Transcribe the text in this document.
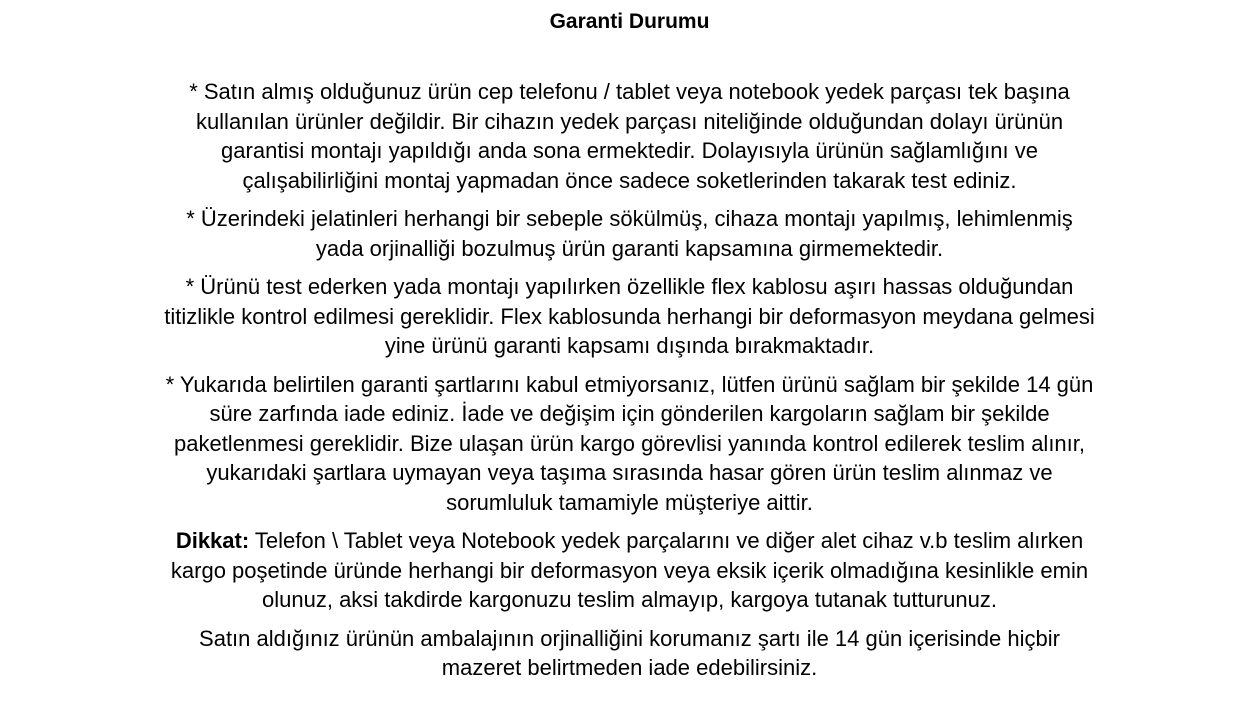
Garanti Durumu

* Satın almış olduğunuz ürün cep telefonu / tablet veya notebook yedek parçası tek başına
kullanılan ürünler değildir. Bir cihazın yedek parçası niteliğinde olduğundan dolayı ürünün
garantisi montajı yapıldığı anda sona ermektedir. Dolayısıyla ürünün sağlamlığını ve
çalışabilirliğini montaj yapmadan önce sadece soketlerinden takarak test ediniz.

* Üzerindeki jelatinleri herhangi bir sebeple sökülmüş, cihaza montajı yapılmış, lehimlenmiş
yada orjinalliği bozulmuş ürün garanti kapsamına girmemektedir.

* Ürünü test ederken yada montajı yapılırken özellikle flex kablosu aşırı hassas olduğundan
titizlikle kontrol edilmesi gereklidir. Flex kablosunda herhangi bir deformasyon meydana gelmesi
yine ürünü garanti kapsamı dışında bırakmaktadır.

* Yukarıda belirtilen garanti şartlarını kabul etmiyorsanız, lütfen ürünü sağlam bir şekilde 14 gün
süre zarfında iade ediniz. İade ve değişim için gönderilen kargoların sağlam bir şekilde
paketlenmesi gereklidir. Bize ulaşan ürün kargo görevlisi yanında kontrol edilerek teslim alınır,
yukarıdaki şartlara uymayan veya taşıma sırasında hasar gören ürün teslim alınmaz ve
sorumluluk tamamiyle müşteriye aittir.

Dikkat: Telefon \ Tablet veya Notebook yedek parçalarını ve diğer alet cihaz v.b teslim alırken
kargo poşetinde üründe herhangi bir deformasyon veya eksik içerik olmadığına kesinlikle emin
olunuz, aksi takdirde kargonuzu teslim almayıp, kargoya tutanak tutturunuz.

Satın aldığınız ürünün ambalajının orjinalliğini korumanız şartı ile 14 gün içerisinde hiçbir
mazeret belirtmeden iade edebilirsiniz.
